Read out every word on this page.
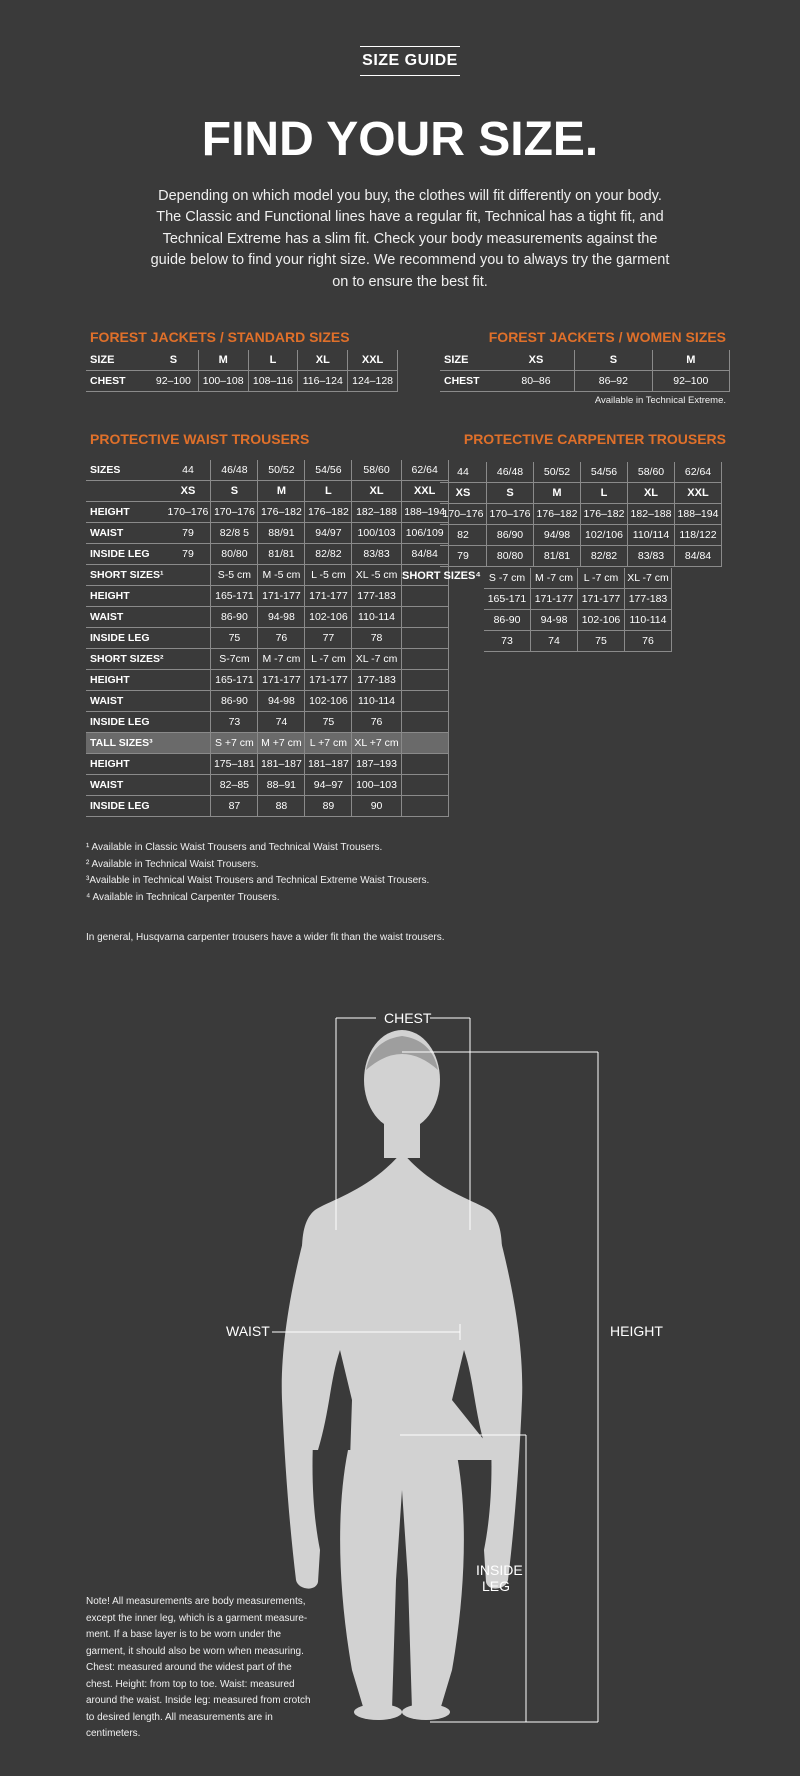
SIZE GUIDE
FIND YOUR SIZE.
Depending on which model you buy, the clothes will fit differently on your body. The Classic and Functional lines have a regular fit, Technical has a tight fit, and Technical Extreme has a slim fit. Check your body measurements against the guide below to find your right size. We recommend you to always try the garment on to ensure the best fit.
FOREST JACKETS / STANDARD SIZES
SIZE	S	M	L	XL	XXL
CHEST	92–100	100–108	108–116	116–124	124–128
FOREST JACKETS / WOMEN SIZES
SIZE	XS	S	M
CHEST	80–86	86–92	92–100
Available in Technical Extreme.
PROTECTIVE WAIST TROUSERS
SIZES	44	46/48	50/52	54/56	58/60	62/64
	XS	S	M	L	XL	XXL
HEIGHT	170–176	170–176	176–182	176–182	182–188	188–194
WAIST	79	82/8 5	88/91	94/97	100/103	106/109
INSIDE LEG	79	80/80	81/81	82/82	83/83	84/84
SHORT SIZES¹		S-5 cm	M -5 cm	L -5 cm	XL -5 cm	
HEIGHT		165-171	171-177	171-177	177-183	
WAIST		86-90	94-98	102-106	110-114	
INSIDE LEG		75	76	77	78	
SHORT SIZES²		S-7cm	M -7 cm	L -7 cm	XL -7 cm	
HEIGHT		165-171	171-177	171-177	177-183	
WAIST		86-90	94-98	102-106	110-114	
INSIDE LEG		73	74	75	76	
TALL SIZES³		S +7 cm	M +7 cm	L +7 cm	XL +7 cm	
HEIGHT		175–181	181–187	181–187	187–193	
WAIST		82–85	88–91	94–97	100–103	
INSIDE LEG		87	88	89	90	
PROTECTIVE CARPENTER TROUSERS
44	46/48	50/52	54/56	58/60	62/64
XS	S	M	L	XL	XXL
170–176	170–176	176–182	176–182	182–188	188–194
82	86/90	94/98	102/106	110/114	118/122
79	80/80	81/81	82/82	83/83	84/84
SHORT SIZES⁴ S -7 cm	M -7 cm	L -7 cm	XL -7 cm
165-171	171-177	171-177	177-183
86-90	94-98	102-106	110-114
73	74	75	76
¹ Available in Classic Waist Trousers and Technical Waist Trousers.
² Available in Technical Waist Trousers.
³Available in Technical Waist Trousers and Technical Extreme Waist Trousers.
⁴ Available in Technical Carpenter Trousers.
In general, Husqvarna carpenter trousers have a wider fit than the waist trousers.
CHEST
WAIST	HEIGHT
INSIDE
LEG
Note! All measurements are body measurements, except the inner leg, which is a garment measure- ment. If a base layer is to be worn under the garment, it should also be worn when measuring. Chest: measured around the widest part of the chest. Height: from top to toe. Waist: measured around the waist. Inside leg: measured from crotch to desired length. All measurements are in centimeters.
